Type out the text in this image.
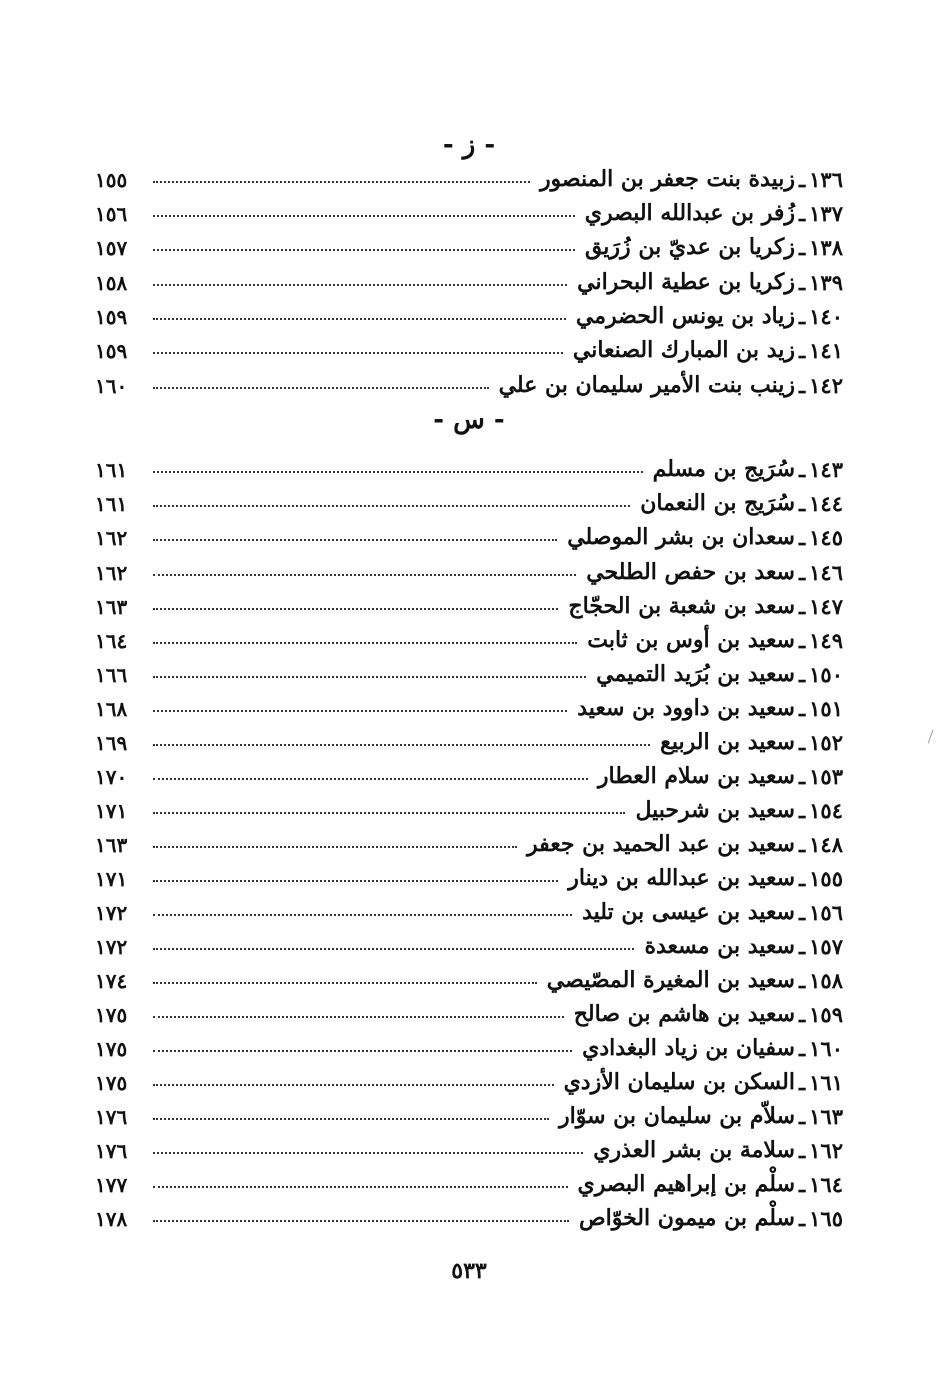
- ز -
١٣٦
ـ
زبيدة بنت جعفر بن المنصور
١٥٥
١٣٧
ـ
زُفر بن عبدالله البصري
١٥٦
١٣٨
ـ
زكريا بن عديّ بن زُرَيق
١٥٧
١٣٩
ـ
زكريا بن عطية البحراني
١٥٨
١٤٠
ـ
زياد بن يونس الحضرمي
١٥٩
١٤١
ـ
زيد بن المبارك الصنعاني
١٥٩
١٤٢
ـ
زينب بنت الأمير سليمان بن علي
١٦٠
- س -
١٤٣
ـ
سُرَيج بن مسلم
١٦١
١٤٤
ـ
سُرَيج بن النعمان
١٦١
١٤٥
ـ
سعدان بن بشر الموصلي
١٦٢
١٤٦
ـ
سعد بن حفص الطلحي
١٦٢
١٤٧
ـ
سعد بن شعبة بن الحجّاج
١٦٣
١٤٩
ـ
سعيد بن أوس بن ثابت
١٦٤
١٥٠
ـ
سعيد بن بُرَيد التميمي
١٦٦
١٥١
ـ
سعيد بن داوود بن سعيد
١٦٨
١٥٢
ـ
سعيد بن الربيع
١٦٩
١٥٣
ـ
سعيد بن سلام العطار
١٧٠
١٥٤
ـ
سعيد بن شرحبيل
١٧١
١٤٨
ـ
سعيد بن عبد الحميد بن جعفر
١٦٣
١٥٥
ـ
سعيد بن عبدالله بن دينار
١٧١
١٥٦
ـ
سعيد بن عيسى بن تليد
١٧٢
١٥٧
ـ
سعيد بن مسعدة
١٧٢
١٥٨
ـ
سعيد بن المغيرة المصّيصي
١٧٤
١٥٩
ـ
سعيد بن هاشم بن صالح
١٧٥
١٦٠
ـ
سفيان بن زياد البغدادي
١٧٥
١٦١
ـ
السكن بن سليمان الأزدي
١٧٥
١٦٣
ـ
سلاّم بن سليمان بن سوّار
١٧٦
١٦٢
ـ
سلامة بن بشر العذري
١٧٦
١٦٤
ـ
سلْم بن إبراهيم البصري
١٧٧
١٦٥
ـ
سلْم بن ميمون الخوّاص
١٧٨
٥٣٣
